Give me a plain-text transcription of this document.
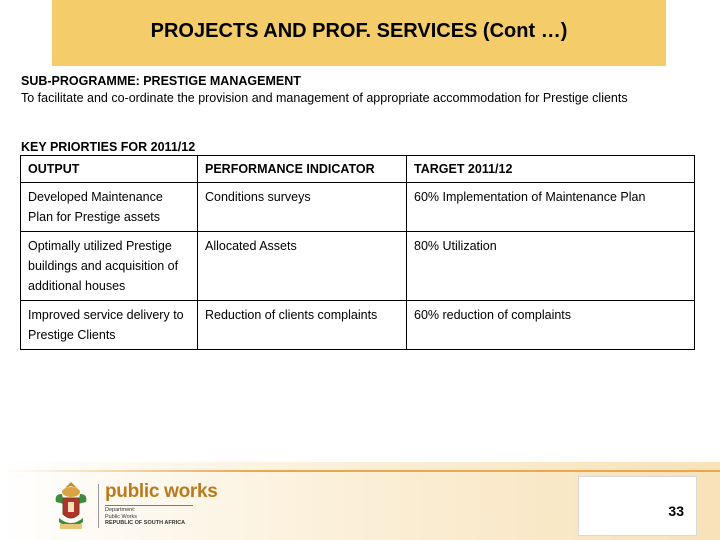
PROJECTS AND PROF. SERVICES (Cont …)
SUB-PROGRAMME: PRESTIGE MANAGEMENT
To facilitate and co-ordinate the provision and management of appropriate accommodation for Prestige clients
KEY PRIORTIES FOR 2011/12
OUTPUT	PERFORMANCE INDICATOR	TARGET 2011/12
Developed Maintenance Plan for Prestige assets	Conditions surveys	60% Implementation of Maintenance Plan
Optimally utilized Prestige buildings and acquisition of additional houses	Allocated Assets	80% Utilization
Improved service delivery to Prestige Clients	Reduction of clients complaints	60% reduction of complaints
public works
Department:
Public Works
REPUBLIC OF SOUTH AFRICA
33
